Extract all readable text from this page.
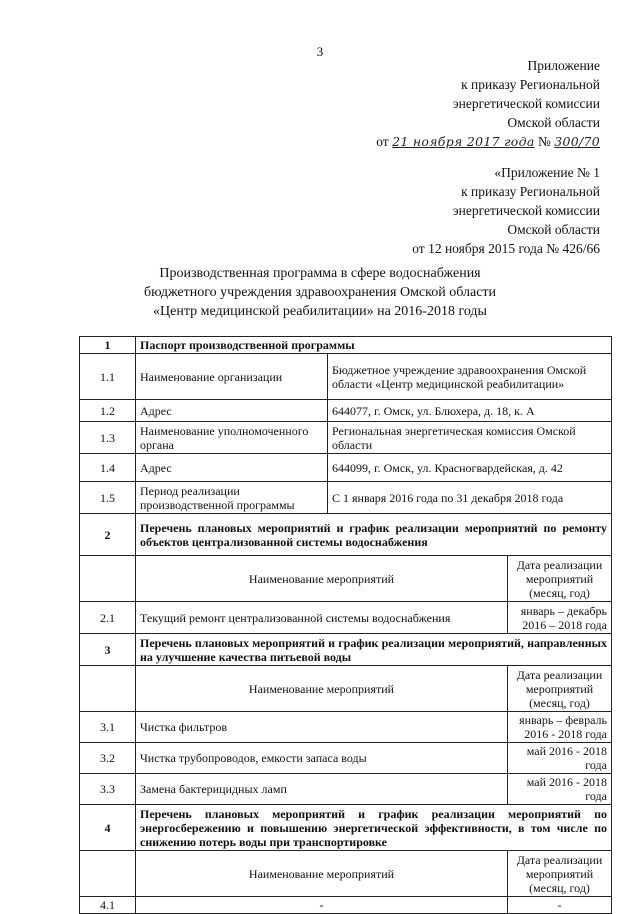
3
Приложение
к приказу Региональной
энергетической комиссии
Омской области
от 21 ноября 2017 года № 300/70
«Приложение № 1
к приказу Региональной
энергетической комиссии
Омской области
от 12 ноября 2015 года № 426/66
Производственная программа в сфере водоснабжения
бюджетного учреждения здравоохранения Омской области
«Центр медицинской реабилитации» на 2016-2018 годы
1	Паспорт производственной программы		
1.1	Наименование организации	Бюджетное учреждение здравоохранения Омской области «Центр медицинской реабилитации»	
1.2	Адрес	644077, г. Омск, ул. Блюхера, д. 18, к. А	
1.3	Наименование уполномоченного органа	Региональная энергетическая комиссия Омской области	
1.4	Адрес	644099, г. Омск, ул. Красногвардейская, д. 42	
1.5	Период реализации производственной программы	С 1 января 2016 года по 31 декабря 2018 года	
2	Перечень плановых мероприятий и график реализации мероприятий по ремонту объектов централизованной системы водоснабжения		
	Наименование мероприятий		Дата реализации мероприятий (месяц, год)
2.1	Текущий ремонт централизованной системы водоснабжения		январь – декабрь 2016 – 2018 года
3	Перечень плановых мероприятий и график реализации мероприятий, направленных на улучшение качества питьевой воды		
	Наименование мероприятий		Дата реализации мероприятий (месяц, год)
3.1	Чистка фильтров		январь – февраль 2016 - 2018 года
3.2	Чистка трубопроводов, емкости запаса воды		май 2016 - 2018 года
3.3	Замена бактерицидных ламп		май 2016 - 2018 года
4	Перечень плановых мероприятий и график реализации мероприятий по энергосбережению и повышению энергетической эффективности, в том числе по снижению потерь воды при транспортировке		
	Наименование мероприятий		Дата реализации мероприятий (месяц, год)
4.1	-		-
